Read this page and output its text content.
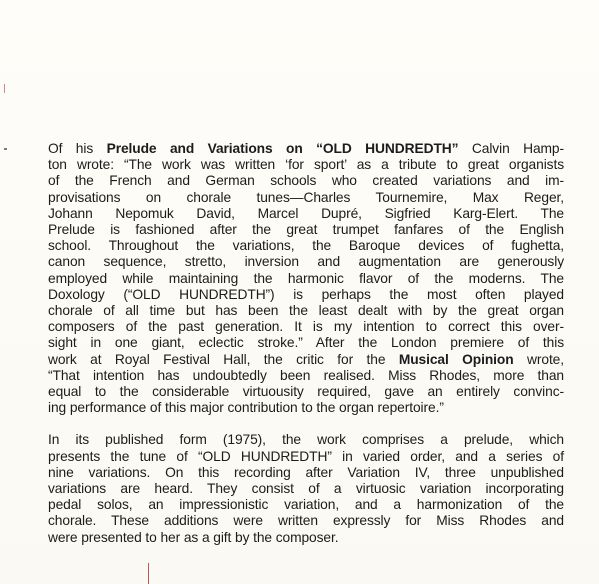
Of his Prelude and Variations on “OLD HUNDREDTH” Calvin Hamp-
ton wrote: “The work was written ‘for sport’ as a tribute to great organists
of the French and German schools who created variations and im-
provisations on chorale tunes—Charles Tournemire, Max Reger,
Johann Nepomuk David, Marcel Dupré, Sigfried Karg-Elert. The
Prelude is fashioned after the great trumpet fanfares of the English
school. Throughout the variations, the Baroque devices of fughetta,
canon sequence, stretto, inversion and augmentation are generously
employed while maintaining the harmonic flavor of the moderns. The
Doxology (“OLD HUNDREDTH”) is perhaps the most often played
chorale of all time but has been the least dealt with by the great organ
composers of the past generation. It is my intention to correct this over-
sight in one giant, eclectic stroke.” After the London premiere of this
work at Royal Festival Hall, the critic for the Musical Opinion wrote,
“That intention has undoubtedly been realised. Miss Rhodes, more than
equal to the considerable virtuousity required, gave an entirely convinc-
ing performance of this major contribution to the organ repertoire.”
In its published form (1975), the work comprises a prelude, which
presents the tune of “OLD HUNDREDTH” in varied order, and a series of
nine variations. On this recording after Variation IV, three unpublished
variations are heard. They consist of a virtuosic variation incorporating
pedal solos, an impressionistic variation, and a harmonization of the
chorale. These additions were written expressly for Miss Rhodes and
were presented to her as a gift by the composer.
